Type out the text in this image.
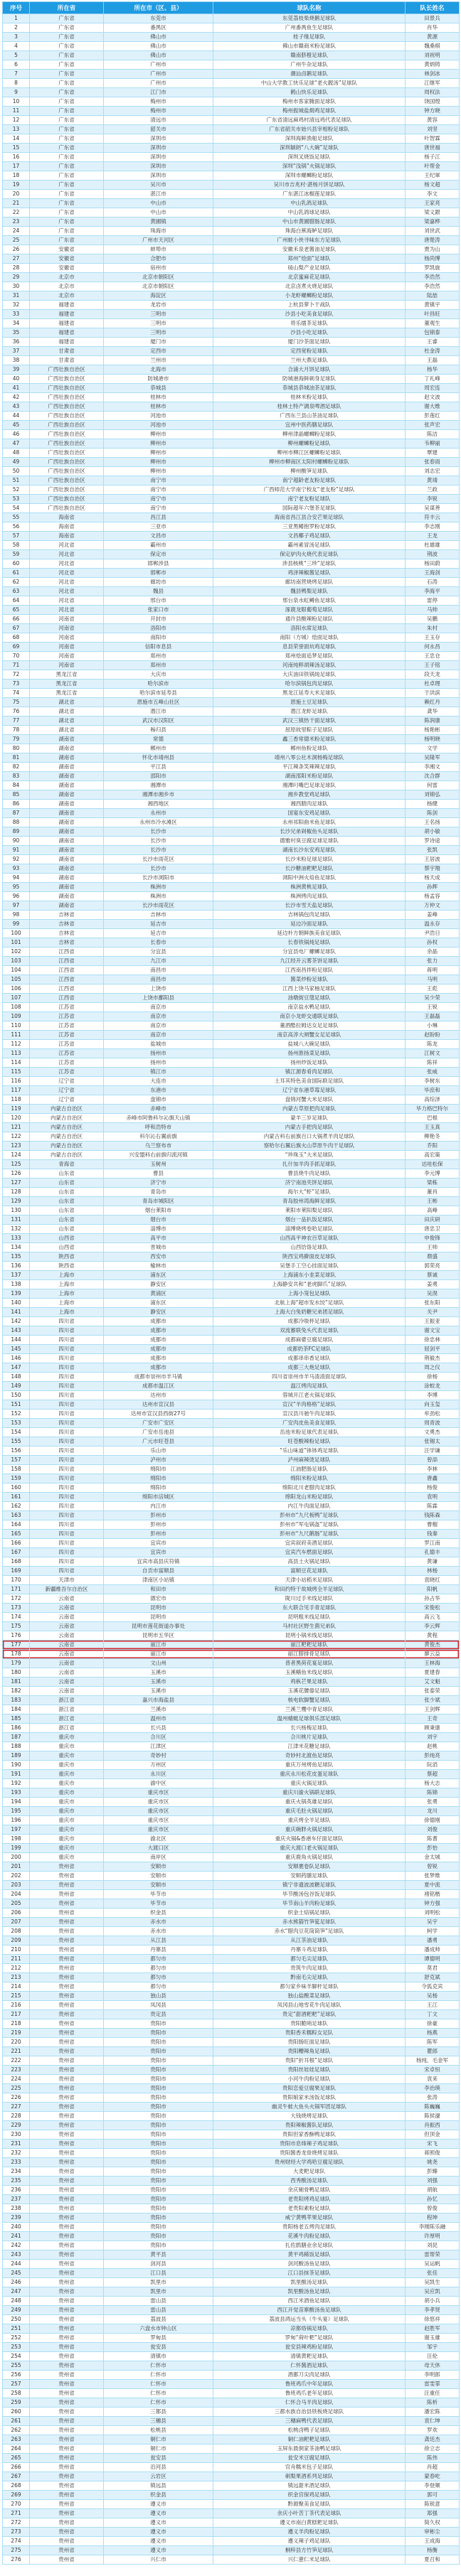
序号	所在省	所在市（区、县）	球队名称	队长姓名
1	广东省	东莞市	东莞荔枝柴烧鹅足球队	田景兵
2	广东省	番禺区	广州番禺鱼生足球队	肖华
3	广东省	佛山市	桂子缘足球队	黄源
4	广东省	佛山市	佛山市赣商米粉足球队	魏桑棋
5	广东省	佛山市	赣南脐橙足球队	刘祝明
6	广东省	广州市	广州牛杂足球队	黄炳铸
7	广东省	广州市	潮汕卤鹅足球队	林剑冰
8	广东省	广州市	中山大学教工快乐足球“老火靓汤”足球队	江继军
9	广东省	江门市	鹤山快乐足球队	周权法
10	广东省	梅州市	梅州市客家腌面足球队	饶国煌
11	广东省	梅州市	梅州振城盐焗鸡足球队	钟方晓
12	广东省	清远市	广东省清远麻鸡村清远鸡代表足球队	黄容
13	广东省	韶关市	广东省韶关市始兴县宰相粉足球队	刘坚
14	广东省	深圳市	深圳海鲜渔船足球队	叶智霖
15	广东省	深圳市	深圳颖朗“八大碗”足球队	唐世福
16	广东省	深圳市	深圳叉烧饭足球队	杨子江
17	广东省	深圳市	深圳“浅锅”火锅足球队	叶帮金
18	广东省	深圳市	深圳市螺蛳粉足球队	王纪軍
19	广东省	吴川市	吴川市吉兆村·湛杨月饼足球队	杨文超
20	广东省	湛江市	广东湛江冰榴莲足球队	李文
21	广东省	中山市	中山乳鸽足球队	王家亮
22	广东省	中山市	中山乳鸽球足球队	梁义銀
23	广东省	黄圃镇	中山市黄圃腊肠足球队	梁嘉桦
24	广东省	珠海市	珠海白蕉海鲈足球队	刘世武
25	广东省	广州市天河区	广州蛙小侠寻味东方足球队	唐楚涛
26	安徽省	蚌埠市	安徽禾泉老酱油足球队	贾为山
27	安徽省	合肥市	郑州“烩面”足球队	杨尚博
28	安徽省	宿州市	砀山梨产业足球队	罗凯旋
29	北京市	北京市朝阳区	北京蜜麻花足球队	李浩然
30	北京市	北京市朝阳区	北京卤煮火烧足球队	李浩然
31	北京市	海淀区	小龙虾螺蛳粉足球队	陆喆
32	福建省	龙岩市	上杭县萝卜干战队	黄镇宇
33	福建省	三明市	沙县小吃美食足球队	叶昌旺
34	福建省	三明市	将乐擂茶足球队	董观生
35	福建省	三明市	沙县小吃足球队	包锦泰
36	福建省	厦门市	厦门沙茶面足球队	王睿
37	甘肃省	定西市	定西宽粉足球队	杜金涛
38	甘肃省	兰州市	兰州大鼎足球队	王磊
39	广西壮族自治区	北海市	合浦大月饼足球队	杨华
40	广西壮族自治区	防城港市	防城港海鲜刺身足球队	丁礼峰
41	广西壮族自治区	恭城县	恭城县恭城油茶足球队	周宏连
42	广西壮族自治区	桂林市	桂林米粉足球队	赵文波
43	广西壮族自治区	桂林市	桂林土特产漓泉啤酒足球队	谢大维
44	广西壮族自治区	河池市	广西东兰县山茶油足球队	彭莲红
45	广西壮族自治区	河池市	宜州中医药膳足球队	张声宏
46	广西壮族自治区	柳州市	柳州津晶螺蛳粉足球队	陈洁
47	广西壮族自治区	柳州市	柳州螺蛳粉足球队	韦柳丽
48	广西壮族自治区	柳州市	柳州市柳江区螺蛳粉足球队	覃建
49	广西壮族自治区	柳州市	柳州市柳南区太阳村螺蛳粉足球队	张春雨
50	广西壮族自治区	柳州市	柳州酸笋足球队	刘志宏
51	广西壮族自治区	南宁市	南宁超龄老友粉足球队	黄靖
52	广西壮族自治区	南宁市	广西师范大学南宁校友“老友粉”足球队	兰政
53	广西壮族自治区	南宁市	南宁老友粉足球队	李锐
54	广西壮族自治区	南宁市	国际超年六堡茶足球队	吴谋善
55	海南省	昌江县	海南省昌江县合安芒果足球队	符丰云
56	海南省	三亚市	三亚黑鳍抱罗粉足球队	李志刚
57	海南省	文昌市	文昌椰子鸡足球队	王龙
58	河北省	霸州市	霸州素冒汤足球队	杜雄雄
59	河北省	保定市	保定驴肉火烧代表足球队	荆波
60	河北省	邯郸涉县	涉县核桃“三珍”足球队	杨田蔚
61	河北省	邯郸市	鸡泽辣椒酱足球队	王海剑
62	河北省	廊坊市	廊坊南营烧烤足球队	石涛
63	河北省	魏县	魏县鸭梨足球队	李海平
64	河北省	邢台市	邢台泉水虹鳟鱼足球队	雷停
65	河北省	张家口市	涿鹿龙眼葡萄足球队	马帅
66	河南省	开封市	通许县酸辣粉足球队	吴鹏
67	河南省	洛阳市	洛阳水席足球队	朱村
68	河南省	南阳市	南阳（方城）烩面足球队	王玉存
69	河南省	信阳市息县	息县荣誉面炕鸡足球队	何永昌
70	河南省	郑州市	郑州烩面追梦足球队	王忠仓
71	河南省	郑州市	河南纯粹胡辣汤足球队	王子铭
72	黑龙江省	大庆市	大庆油田铁锅炖足球队	段天龙
73	黑龙江省	哈尔滨市	哈尔滨锅包肉足球队	杜卓理
74	黑龙江省	哈尔滨市延寿县	黑龙江延寿大米足球队	于洪滨
75	湖北省	恩施市五峰山社区	恩施土豆足球队	赖红丹
76	湖北省	潜江市	潜江龙虾足球队	龚华
77	湖北省	武汉市汉阳区	武汉三镇热干面足球队	陈润康
78	湖北省	秭归县	屈原故里粽子足球队	杨艳彬
79	湖南省	常德	鑫三香常德米粉足球队	杨明晓
80	湖南省	郴州市	郴州鱼粉足球队	文学
81	湖南省	怀化市靖州县	靖州八零公社木洞杨梅足球队	吴隆军
82	湖南省	平江县	平江辣条笑辣辣足球队	李湘文
83	湖南省	邵阳市	湖南邵阳米粉足球队	沈合群
84	湖南省	湘潭市	湘潭叼嘴巴足球足球队	何雷
85	湖南省	湘潭市湘乡市	湘乡教堂鸡足球队	刘锦弘
86	湖南省	湘西地区	湘西腊肉足球队	杨健
87	湖南省	永州市	国宴东安鸡足球队	陈剑
88	湖南省	永州市冷水滩区	永州祁阳曲米鱼足球队	王名扬
89	湖南省	长沙市	长沙兄弟剁椒鱼头足球队	胡小敏
90	湖南省	长沙市	德雅村臭豆腐足球足球队	罗诗途
91	湖南省	长沙市	湖南长沙东安鸡足球队	张凯
92	湖南省	长沙市雨花区	长沙米粉足球足球队	王居波
93	湖南省	长沙市	长沙糖油粑粑足球队	蔡宇翔
94	湖南省	长沙市浏阳市	浏阳中洲火焙鱼足球队	杨天成
95	湖南省	株洲市	株洲黄桃足球队	孙辉
96	湖南省	株洲市	株洲烤肉足球队	杨孟容
97	湖南省	长沙市雨花区	长沙市雪天盐足球队	万仲文
98	吉林省	吉林市	吉林锅包肉足球队	姜峰
99	吉林省	延吉市	延边冷面足球队	温永存
100	吉林省	延吉市	延边朴方朝鲜族美食足球队	尹浩日
101	吉林省	长春市	长春铁锅炖足球队	孙权
102	江西省	分宜县	分宜县电厂螺蛳足球队	余晶
103	江西省	九江市	九江经开云雾茶饼足球队	张力
104	江西省	南昌市	江西南昌拌粉足球队	蒋明
105	江西省	南昌市	酱菜炒粉足球队	马明
106	江西省	上饶市	江西上饶马家柚足球队	王彪
107	江西省	上饶市鄱阳县	油墩街豆蔻足球队	吴少荣
108	江苏省	南京市	南京盐水鸭足球队	王锐
109	江苏省	南京市	南京小龙虾交通联足球队	王磊磊
110	江苏省	南京市	董酒酷拉姆达女足足球队	小琳
111	江苏省	南京市	南京高淳大闸蟹女足足球队	赵盼盼
112	江苏省	盐城市	盐城八大碗足球队	陈龙
113	江苏省	扬州市	扬州淮扬菜足球队	江树文
114	江苏省	扬州市	扬州炒饭足球队	陈祥
115	江苏省	镇江市	镇江源春肴肉足球队	张威
116	辽宁省	大连市	土耳其特色美食国际联足球队	李树东
117	辽宁省	东港市	辽宁省东港草莓足球队	毕庶和
118	辽宁省	盘锦市	盘锦河蟹大米足球队	高综泽
119	内蒙古自治区	赤峰市	内蒙古草原把肉足球队	毕力格巴特尔
120	内蒙古自治区	赤峰市阿鲁科尔沁旗天山镇	蒙羊三岁足球队	巴根
121	内蒙古自治区	呼和浩特市	内蒙古手把肉足球队	王玉真
122	内蒙古自治区	科尔沁右翼前旗	内蒙古科右前旗百口大锅煮羊肉足球队	柳艳冬
123	内蒙古自治区	乌兰察布市	察哈尔右翼后旗火山草原牛肉干足球队	乔阳
124	内蒙古自治区	兴安盟科右前旗归流河镇	“珍珠玉”大米足球队	高宏策
125	青海省	玉树州	扎什加羊肉手抓足球队	达哇松保
126	山东省	曹县	曹县烧牛肉足球队	李元博
127	山东省	济宁市	济宁南池夹饼足球队	梁栋
128	山东省	青岛市	海尔大“虾”足球队	董肖
129	山东省	青岛市城阳区	青岛胶州湾海鲜足球队	王彬
130	山东省	烟台莱阳市	莱阳市莱阳梨足球队	高峰
131	山东省	烟台市	烟台一品扒饭足球队	田庆研
132	山东省	淄博市	淄博烧烤卷哈足球队	唐忠卫
133	山西省	高平市	山西高平神农百草足球队	申俊锋
134	山西省	晋城市	山西饸饹足球队	王帅
135	陕西省	西安市	陕西宝鸡擀面皮足球队	鼎盛
136	陕西省	榆林市	吴堡手工空心挂面足球队	郭荣亮
137	上海市	浦东区	上海浦东小韭菜足球队	蔡诚
138	上海市	静安区	上海静安共和“老虎脚爪”足球队	姜勇
139	上海市	黄浦区	上海小笼包足球队	吴淏
140	上海市	浦东区	北航上海“超市发水饺”足球队	张东阳
141	上海市	静安区	上海大白兔奶糖兄弟团足球队	关尹
142	四川省	成都市	成都冷啖杯足球队	王振亚
143	四川省	成都市	双流蓄联兔头代表足球队	谢文宝
144	四川省	成都市	成都麻婆豆腐足球队	徐忠林
145	四川省	成都市	成都奶茶FC足球队	屈剑平
146	四川省	成都市	成都串串香足球队	荆毅杰
147	四川省	成都市	成都三大炮足球队	周之仪
148	四川省	成都市崇州市羊马镇	四川省崇州市羊马渣渣面足球队	徐杨
149	四川省	成都市温江区	温江烤肉足球队	涂蛟龙
150	四川省	达州市	蓉城开江老火锅足球队	李博
151	四川省	达州市宣汉县	宣汉“羊肉格格”足球队	向玉玺
152	四川省	达州市宣汉县西街27号	宣汉县川驰牛肉足球队	牟劲松
153	四川省	广安市广安区	广安肉皮鱼美食足球队	周青波
154	四川省	广安市岳池县	岳池米粉足球代表足球队	文勇杰
155	四川省	广元市旺苍县	旺苍酸辣粉足球队	张锡太
156	四川省	乐山市	“乐山味道”钵钵鸡足球队	汪学谦
157	四川省	泸州市	泸州麻辣烫足球队	曾添
158	四川省	绵阳市	江油肥肠足球队	李林
159	四川省	绵阳市	绵阳米粉足球队	唐鑫
160	四川省	绵阳市	绵阳北川老腊肉足球队	杨俊
161	四川省	绵阳市涪城区	绵阳龙山米粉足球队	袁明
162	四川省	内江市	内江牛肉面足球队	陈霖
163	四川省	彭州市	彭州市“九尺板鸭”足球队	钱陈森
164	四川省	彭州市	彭州市“军屯锅盔”足球队	曹榴
165	四川省	彭州市	彭州市“九尺鹅肠”足球队	钱秦
166	四川省	宜宾市	宜宾叙府美酒足球队	罗江南
167	四川省	宜宾市	宜宾汽车燃面足球队	孔德丰
168	四川省	宜宾市高县庆符镇	高县土火锅足球队	黄谦
169	四川省	自贡市富顺县	富顺豆花足球队	林杨
170	天津市	津南区小站镇	天津小站稻米足球队	袁晓红
171	新疆维吾尔自治区	和田市	和田约特干故城烤全羊足球队	阳帆
172	云南省	德宏市	陇川过手米线足球队	孙占华
173	云南省	昆明市	东大联合见手青足球队	宋俊松
174	云南省	昆明市	昆明粗米线足球队	高云飞
175	云南省	昆明市莲花街道办事处	马村社区野生菌兄弟队	李云辉
176	云南省	昆明市五华区	昆明小锅米线足球队	黄程
177	云南省	丽江市	丽江粑粑足球队	黄俊杰
178	云南省	丽江市	丽江腊排骨足球队	廖云益
179	云南省	文山州	普者黑荷花宴足球队	王林海
180	云南省	玉溪市	玉溪鳝鱼米线足球队	夏建春
181	云南省	玉溪市	鸡枞芒果足球队	艾文魁
182	云南省	玉溪市	玉溪花腰傣足球队	张泰荣
183	浙江省	嘉兴市海盐县	核电软脚蟹足球队	张少斌
184	浙江省	兰溪市	兰溪兰鹰中青足球队	王剑辉
185	浙江省	温州市	温州蜻蜓足球俱乐部足球队	王奇
186	浙江省	长兴县	长兴杨梅足球队	顾秉康
187	重庆市	合川区	合川桃片足球队	刘宇
188	重庆市	江津区	江津米花糖足球队	赵桃
189	重庆市	奇妙村	奇妙村北渡鱼足球队	彭纯亮
190	重庆市	万州区	重庆万州烤鱼足球队	阮滔
191	重庆市	永川区	重庆永川松花皮蛋足球队	蔡超
192	重庆市	渝中区	重庆火锅足球队	杨大志
193	重庆市	重庆市区	重庆川渝火锅联足球队	陈锦
194	重庆市	重庆市区	重庆火锅英雄足球队	张勇
195	重庆市	重庆市区	重庆毛肚火锅足球队	龙川
196	重庆市	重庆市区	重庆烤全羊足球队	徐德刚
197	重庆市	重庆市区	重庆碗胖火锅足球队	刘俊
198	重庆市	渝北区	重庆火锅&香港车仔面足球队	陈耆
199	重庆市	大渡口区	重庆大渡口老火锅足球队	彭怡
200	重庆市	南岸区	重庆鹿角火锅足球队	金太城
201	贵州省	安顺市	安顺裹卷队足球队	曾锐
202	贵州省	安顺市	安顺药膳足球队	张梦维
203	贵州省	安顺市	镇宁非遗波波糖足球队	夏中流
204	贵州省	毕节市	毕节酸汤包谷饭足球队	褚铭楷
205	贵州省	毕节市	毕节南山羊肉粉足球队	钟方强
206	贵州省	织金县	织金土焙锅足球队	刘明松
207	贵州省	赤水市	赤水熊猫竹笋筵足球队	吴宇
208	贵州省	赤水市	赤水“腊肉豆花筒筒笋”足球队	柯学
209	贵州省	从江县	从江茶油足球队	潘勇
210	贵州省	丹寨县	丹寨斗鸡足球队	潘成帅
211	贵州省	都匀市	都匀毛尖足球队	谭德明
212	贵州省	都匀市	贵筑牛肉足球队	莫君
213	贵州省	都匀市	黔南毛尖足球队	舒克斌
214	贵州省	都匀市	都匀家乡味羊脚杆足球队	令狐克宾
215	贵州省	独山县	独山盐酸菜足球队	吴杨
216	贵州省	凤冈县	凤冈县山地雪花牛肉足球队	王江
217	贵州省	贵定县	贵定“甜酒粑粑”足球队	丁文
218	贵州省	贵阳市	贵阳脆哨足球队	徐豪
219	贵州省	贵阳市	贵阳香禾糯粽女足队	杨燕
220	贵州省	贵阳市	贵阳肠旺面足球队	陈军
221	贵州省	贵阳市	贵阳糟辣角足球队	瞿郎
222	贵州省	贵阳市	贵阳“折耳根”足球队	杨纯、毛金军
223	贵州省	贵阳市	贵阳丝娃娃足球队	宋卓恒
224	贵州省	贵阳市	小河牛肉粉足球队	袁来
225	贵州省	贵阳市	贵阳恋爱豆腐果足球队	李治瑛
226	贵州省	贵阳市	贵阳娘家米汤饭足球队	张涛
227	贵州省	贵阳市	幽灵牛蛙大鱼头火锅军团足球队	陈巍巍
228	贵州省	贵阳市	大钱烧烤足球队	陈侯濠
229	贵州省	贵阳市	贵阳辣椒酱队足球队	肖振西
230	贵州省	贵阳市	贵阳但家香酥鸭足球队	但顶金
231	贵州省	贵阳市	贵阳市息烽辣子鸡足球队	宋飞
232	贵州省	贵阳市	贵阳酱香龙骨烧烤足球队	蒋照俊
233	贵州省	贵阳市	贵州财经大学鸡哈豆腐足球队	姚尧
234	贵州省	贵阳市	大麦粑足球队	彭臻
235	贵州省	贵阳市	西秀酸汤足球队	刘强
236	贵州省	贵阳市	余庆剔骨鸭足球队	胡航
237	贵州省	贵阳市	老贵阳烤鸡足球队	孙忆
238	贵州省	贵阳市	老贵阳素粉足球队	曾俊
239	贵州省	贵阳市	威宁黄鸭苹果足球队	程坤
240	贵州省	贵阳市	贵阳杨老五烤肉足球队	李刚陈乐融
241	贵州省	贵阳市	花溪牛肉粉足球队	许厚明
242	贵州省	贵阳市	扎佐鹃膳业余足球队	刘昆
243	贵州省	黄平县	黄平鸡稀饭足球队	雷帮荣
244	贵州省	剑河县	剑河酸汤鱼足球队	吴运帆
245	贵州省	江口县	江口县抹茶足球队	张佳
246	贵州省	凯里市	凯里酸汤足球队	吴凯生
247	贵州省	凯里市	凯里酸汤鱼足球队	吴应凯
248	贵州省	雷山县	西江米酒鱼足球队	胡小兵
249	贵州省	雷山县	西江开觉苗寨酸汤鱼足球队	李孝贤
250	贵州省	荔波县	荔波县鸿运当头（牛头宴）足球队	徐悠祥
251	贵州省	六盘水市钟山区	凉都烙锅足球队	赵胜军
252	贵州省	罗甸县	罗甸“荷叶粑”足球队	谢玉雄
253	贵州省	瓮安县	瓮安县辣鸡粉足球队	邹宇
254	贵州省	清镇市	清镇黄粑足球队	汪伦
255	贵州省	仁怀市	仁怀酱酒足球队	母天休
256	贵州省	仁怀市	酒都刀尖肉足球队	李明郎
257	贵州省	仁怀市	鲁班鸡爪中年足球队	雷雯霏
258	贵州省	仁怀市	鲁班鸡爪老年足球队	汪重任
259	贵州省	仁怀市	仁怀合马羊肉足球队	陈析
260	贵州省	三都县	三都水族自治县铁板烧足球队	潘宏陈
261	贵州省	三穗县	三穗麻鸭代表足球队	袁仁坤
262	贵州省	松桃县	松桃卤鸭子足球队	罗欢
263	贵州省	铜仁市	铜仁油粑粑足球队	龚廷杰
264	贵州省	铜仁市	玉屏东晨侗家茶油鸭足球队	徐立志
265	贵州省	瓮安县	瓮安米豆腐足球队	陈伟
266	贵州省	沿河县	官舟糯米包子足球队	肖超
267	贵州省	云岩区	刺梨果酒系列足球队	蒙春屹
268	贵州省	镇远县	镇远甜米酒足球队	李登顺
269	贵州省	织金县	织金宫保鸡足球队	郭可
270	贵州省	遵义市	黔源聚美食足球队	陈锐意
271	贵州省	遵义市	余庆小叶苦丁茶代表足球队	郑强
272	贵州省	遵义市	遵义市南白黄糕粑足球队	简久权
273	贵州省	遵义市	遵义羊肉粉足球队	审彬尘
274	贵州省	遵义市	遵义辣子鸡足球队	王成海
275	贵州省	遵义市	桐梓县方竹笋足球队	杨衡
276	贵州省	兴仁市	兴仁薏仁米足球队	夏召和
